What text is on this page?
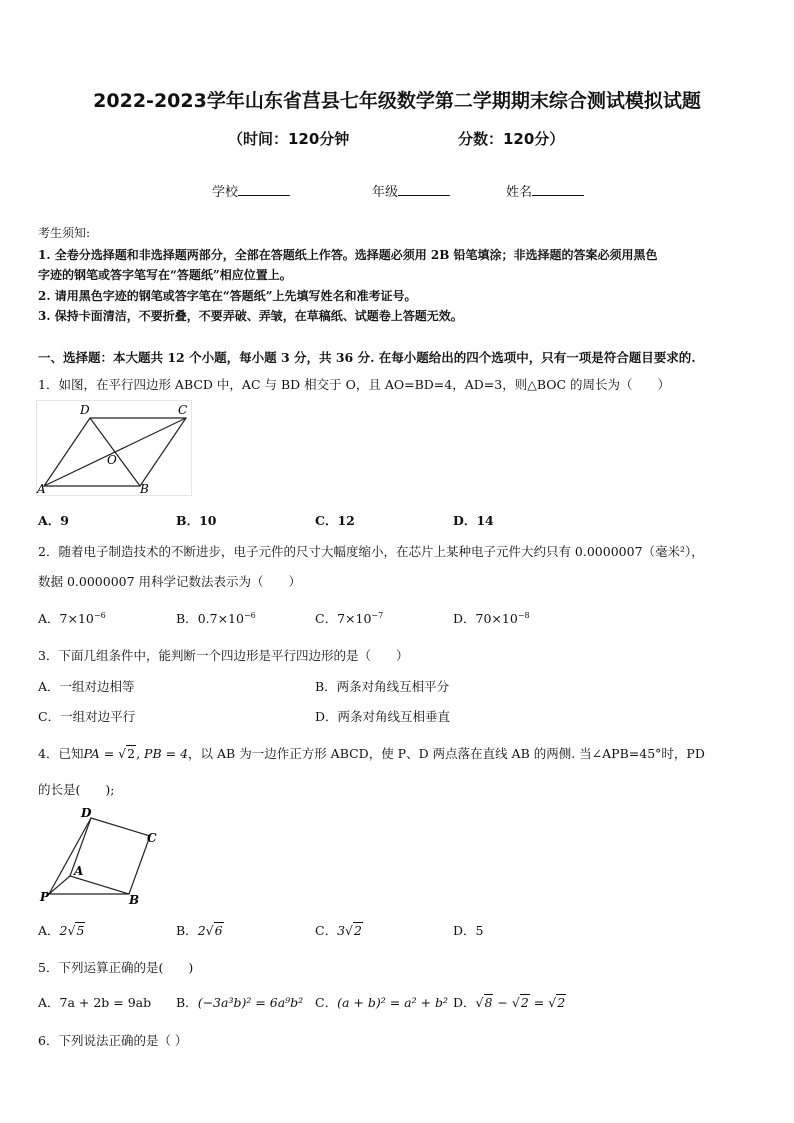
2022-2023学年山东省莒县七年级数学第二学期期末综合测试模拟试题
（时间：120分钟	分数：120分）
学校	年级	姓名
考生须知:
1. 全卷分选择题和非选择题两部分，全部在答题纸上作答。选择题必须用 2B 铅笔填涂；非选择题的答案必须用黑色
字迹的钢笔或答字笔写在“答题纸”相应位置上。
2. 请用黑色字迹的钢笔或答字笔在“答题纸”上先填写姓名和准考证号。
3. 保持卡面清洁，不要折叠，不要弄破、弄皱，在草稿纸、试题卷上答题无效。
一、选择题：本大题共 12 个小题，每小题 3 分，共 36 分. 在每小题给出的四个选项中，只有一项是符合题目要求的.
1．如图，在平行四边形 ABCD 中，AC 与 BD 相交于 O，且 AO=BD=4，AD=3，则△BOC 的周长为（　　）
D	C
O
A	B
A．9	B．10	C．12	D．14
2．随着电子制造技术的不断进步，电子元件的尺寸大幅度缩小，在芯片上某种电子元件大约只有 0.0000007（毫米²），
数据 0.0000007 用科学记数法表示为（　　）
A．$7\times 10^{-6}$	B．$0.7\times 10^{-6}$	C．$7\times 10^{-7}$	D．$70\times 10^{-8}$
3．下面几组条件中，能判断一个四边形是平行四边形的是（　　）
A．一组对边相等	B．两条对角线互相平分
C．一组对边平行	D．两条对角线互相垂直
4．已知PA = √2, PB = 4，以 AB 为一边作正方形 ABCD，使 P、D 两点落在直线 AB 的两侧. 当∠APB=45°时，PD
的长是(　　);
D
C
A
P	B
A．2√5	B．2√6	C．3√2	D．5
5．下列运算正确的是(　　)
A．7a + 2b = 9ab B．(−3a³b)² = 6a⁹b² C．(a + b)² = a² + b² D．√8 − √2 = √2
6．下列说法正确的是（ ）
